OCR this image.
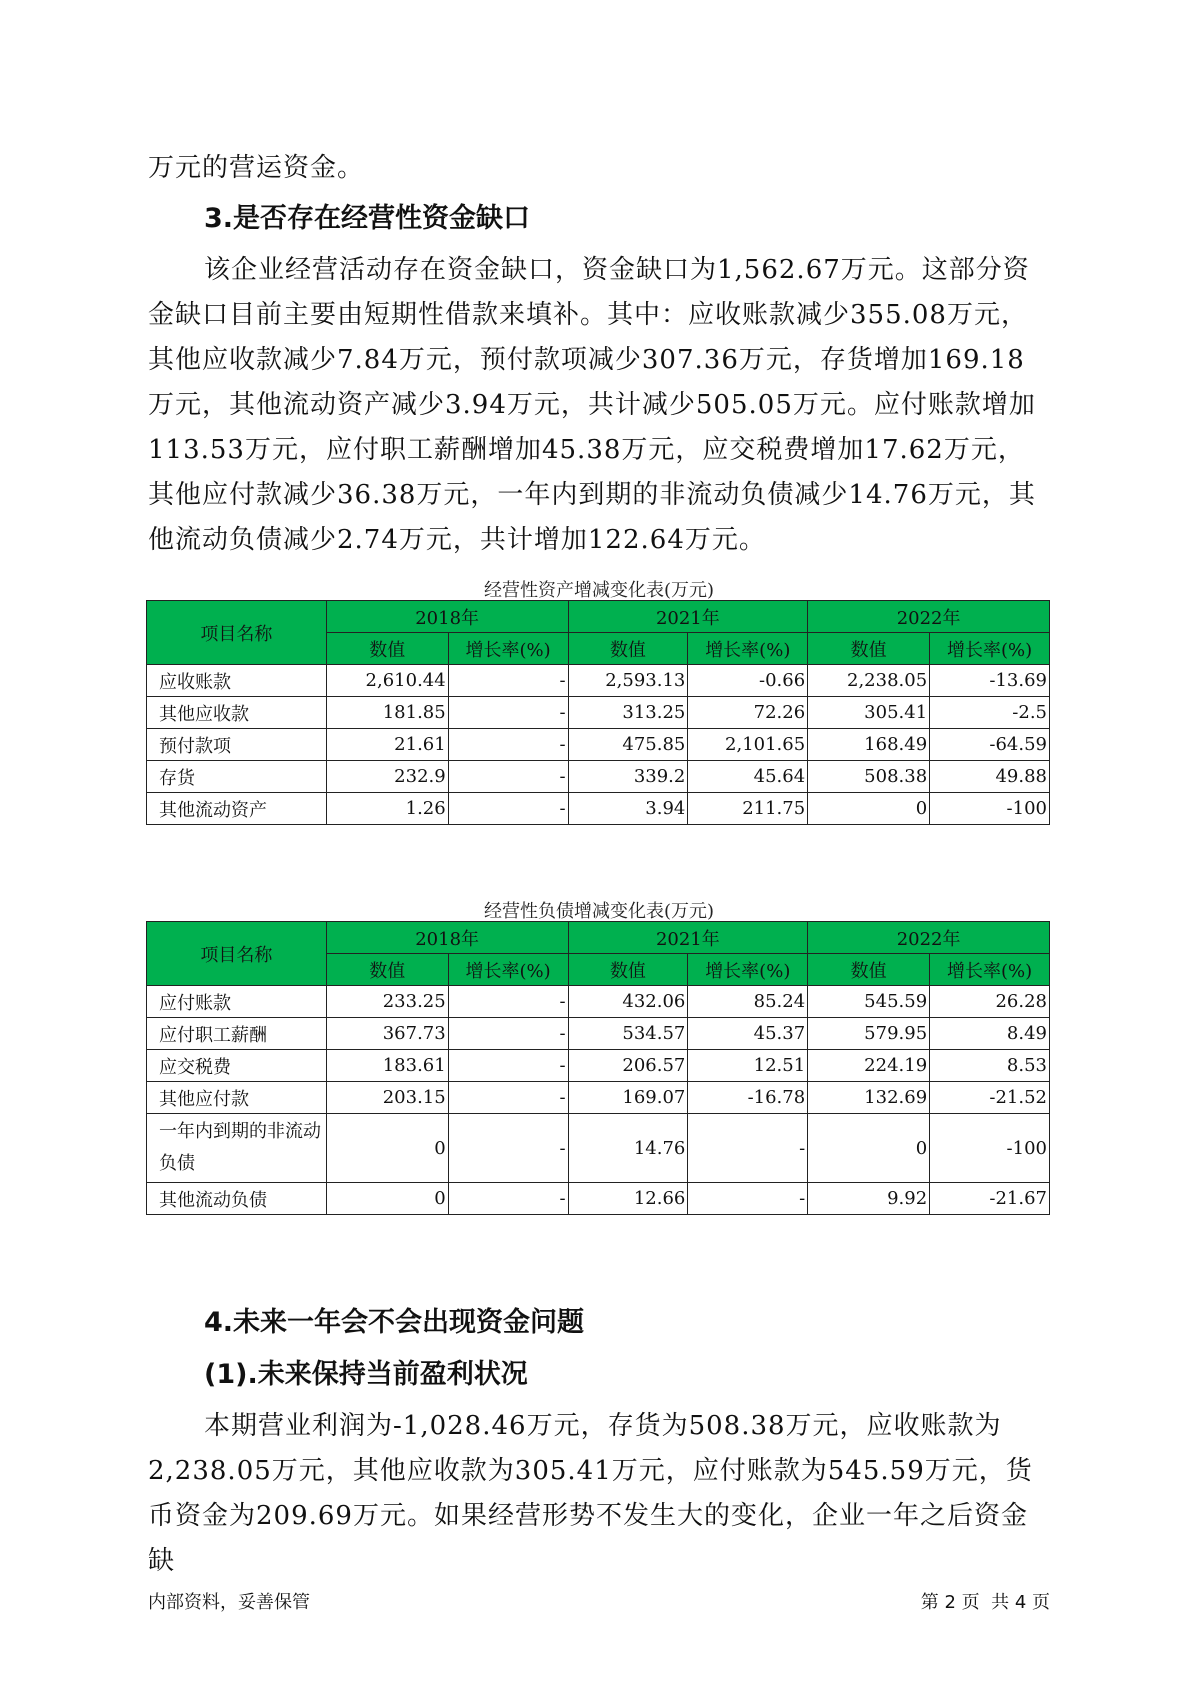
万元的营运资金。

3.是否存在经营性资金缺口

该企业经营活动存在资金缺口，资金缺口为1,562.67万元。这部分资金缺口目前主要由短期性借款来填补。其中：应收账款减少355.08万元，其他应收款减少7.84万元，预付款项减少307.36万元，存货增加169.18万元，其他流动资产减少3.94万元，共计减少505.05万元。应付账款增加113.53万元，应付职工薪酬增加45.38万元，应交税费增加17.62万元，其他应付款减少36.38万元，一年内到期的非流动负债减少14.76万元，其他流动负债减少2.74万元，共计增加122.64万元。

经营性资产增减变化表(万元)

项目名称	2018年		2021年		2022年	
	数值	增长率(%)	数值	增长率(%)	数值	增长率(%)
应收账款	2,610.44	-	2,593.13	-0.66	2,238.05	-13.69
其他应收款	181.85	-	313.25	72.26	305.41	-2.5
预付款项	21.61	-	475.85	2,101.65	168.49	-64.59
存货	232.9	-	339.2	45.64	508.38	49.88
其他流动资产	1.26	-	3.94	211.75	0	-100

经营性负债增减变化表(万元)

项目名称	2018年		2021年		2022年	
	数值	增长率(%)	数值	增长率(%)	数值	增长率(%)
应付账款	233.25	-	432.06	85.24	545.59	26.28
应付职工薪酬	367.73	-	534.57	45.37	579.95	8.49
应交税费	183.61	-	206.57	12.51	224.19	8.53
其他应付款	203.15	-	169.07	-16.78	132.69	-21.52
一年内到期的非流动负债	0	-	14.76	-	0	-100
其他流动负债	0	-	12.66	-	9.92	-21.67
4.未来一年会不会出现资金问题
(1).未来保持当前盈利状况

本期营业利润为-1,028.46万元，存货为508.38万元，应收账款为2,238.05万元，其他应收款为305.41万元，应付账款为545.59万元，货币资金为209.69万元。如果经营形势不发生大的变化，企业一年之后资金缺

内部资料，妥善保管	第 2 页  共 4 页
